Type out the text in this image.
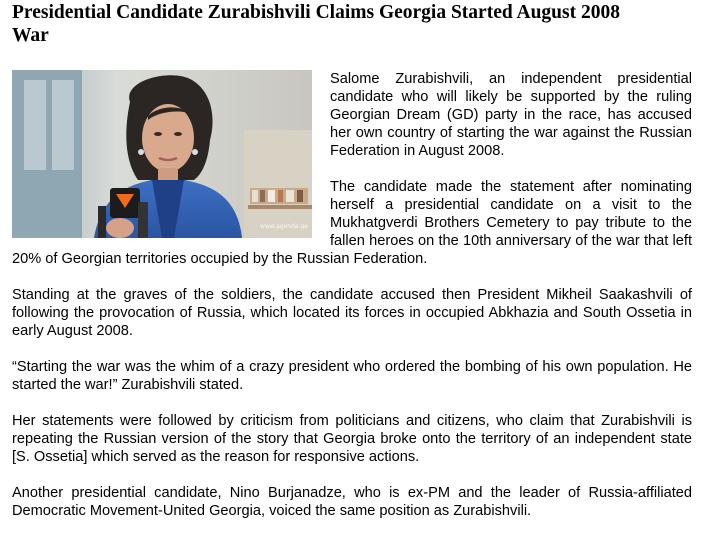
Presidential Candidate Zurabishvili Claims Georgia Started August 2008 War
www.agenda.ge

Salome Zurabishvili, an independent presidential candidate who will likely be supported by the ruling Georgian Dream (GD) party in the race, has accused her own country of starting the war against the Russian Federation in August 2008.

The candidate made the statement after nominating herself a presidential candidate on a visit to the Mukhatgverdi Brothers Cemetery to pay tribute to the fallen heroes on the 10th anniversary of the war that left 20% of Georgian territories occupied by the Russian Federation.

Standing at the graves of the soldiers, the candidate accused then President Mikheil Saakashvili of following the provocation of Russia, which located its forces in occupied Abkhazia and South Ossetia in early August 2008.

“Starting the war was the whim of a crazy president who ordered the bombing of his own population. He started the war!” Zurabishvili stated.

Her statements were followed by criticism from politicians and citizens, who claim that Zurabishvili is repeating the Russian version of the story that Georgia broke onto the territory of an independent state [S. Ossetia] which served as the reason for responsive actions.

Another presidential candidate, Nino Burjanadze, who is ex-PM and the leader of Russia-affiliated Democratic Movement-United Georgia, voiced the same position as Zurabishvili.
